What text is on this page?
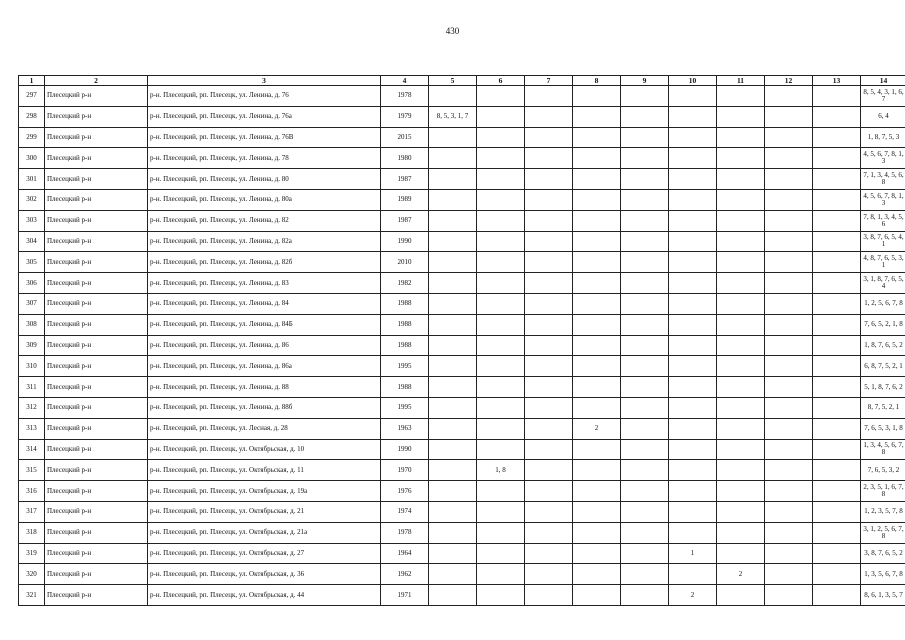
430
1	2	3	4	5	6	7	8	9	10	11	12	13	14
297	Плесецкий р-н	р-н. Плесецкий, рп. Плесецк, ул. Ленина, д. 76	1978										8, 5, 4, 3, 1, 6, 7
298	Плесецкий р-н	р-н. Плесецкий, рп. Плесецк, ул. Ленина, д. 76а	1979	8, 5, 3, 1, 7									6, 4
299	Плесецкий р-н	р-н. Плесецкий, рп. Плесецк, ул. Ленина, д. 76В	2015										1, 8, 7, 5, 3
300	Плесецкий р-н	р-н. Плесецкий, рп. Плесецк, ул. Ленина, д. 78	1980										4, 5, 6, 7, 8, 1, 3
301	Плесецкий р-н	р-н. Плесецкий, рп. Плесецк, ул. Ленина, д. 80	1987										7, 1, 3, 4, 5, 6, 8
302	Плесецкий р-н	р-н. Плесецкий, рп. Плесецк, ул. Ленина, д. 80а	1989										4, 5, 6, 7, 8, 1, 3
303	Плесецкий р-н	р-н. Плесецкий, рп. Плесецк, ул. Ленина, д. 82	1987										7, 8, 1, 3, 4, 5, 6
304	Плесецкий р-н	р-н. Плесецкий, рп. Плесецк, ул. Ленина, д. 82а	1990										3, 8, 7, 6, 5, 4, 1
305	Плесецкий р-н	р-н. Плесецкий, рп. Плесецк, ул. Ленина, д. 82б	2010										4, 8, 7, 6, 5, 3, 1
306	Плесецкий р-н	р-н. Плесецкий, рп. Плесецк, ул. Ленина, д. 83	1982										3, 1, 8, 7, 6, 5, 4
307	Плесецкий р-н	р-н. Плесецкий, рп. Плесецк, ул. Ленина, д. 84	1988										1, 2, 5, 6, 7, 8
308	Плесецкий р-н	р-н. Плесецкий, рп. Плесецк, ул. Ленина, д. 84Б	1988										7, 6, 5, 2, 1, 8
309	Плесецкий р-н	р-н. Плесецкий, рп. Плесецк, ул. Ленина, д. 86	1988										1, 8, 7, 6, 5, 2
310	Плесецкий р-н	р-н. Плесецкий, рп. Плесецк, ул. Ленина, д. 86а	1995										6, 8, 7, 5, 2, 1
311	Плесецкий р-н	р-н. Плесецкий, рп. Плесецк, ул. Ленина, д. 88	1988										5, 1, 8, 7, 6, 2
312	Плесецкий р-н	р-н. Плесецкий, рп. Плесецк, ул. Ленина, д. 88б	1995										8, 7, 5, 2, 1
313	Плесецкий р-н	р-н. Плесецкий, рп. Плесецк, ул. Лесная, д. 28	1963				2						7, 6, 5, 3, 1, 8
314	Плесецкий р-н	р-н. Плесецкий, рп. Плесецк, ул. Октябрьская, д. 10	1990										1, 3, 4, 5, 6, 7, 8
315	Плесецкий р-н	р-н. Плесецкий, рп. Плесецк, ул. Октябрьская, д. 11	1970		1, 8								7, 6, 5, 3, 2
316	Плесецкий р-н	р-н. Плесецкий, рп. Плесецк, ул. Октябрьская, д. 19а	1976										2, 3, 5, 1, 6, 7, 8
317	Плесецкий р-н	р-н. Плесецкий, рп. Плесецк, ул. Октябрьская, д. 21	1974										1, 2, 3, 5, 7, 8
318	Плесецкий р-н	р-н. Плесецкий, рп. Плесецк, ул. Октябрьская, д. 21а	1978										3, 1, 2, 5, 6, 7, 8
319	Плесецкий р-н	р-н. Плесецкий, рп. Плесецк, ул. Октябрьская, д. 27	1964						1				3, 8, 7, 6, 5, 2
320	Плесецкий р-н	р-н. Плесецкий, рп. Плесецк, ул. Октябрьская, д. 36	1962							2			1, 3, 5, 6, 7, 8
321	Плесецкий р-н	р-н. Плесецкий, рп. Плесецк, ул. Октябрьская, д. 44	1971						2				8, 6, 1, 3, 5, 7
